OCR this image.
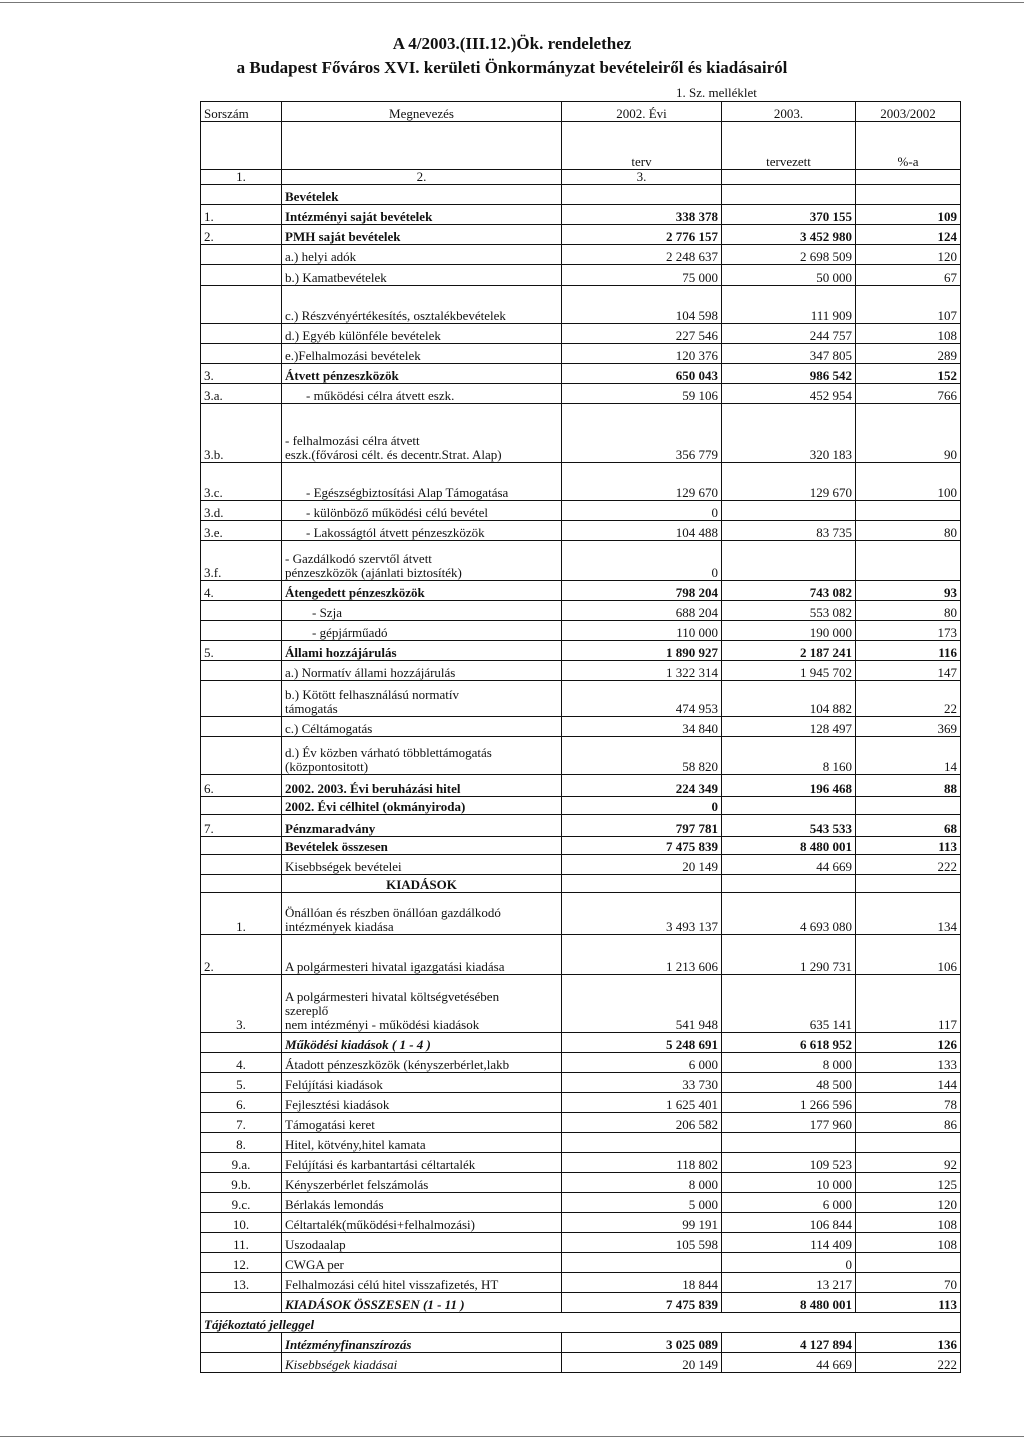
A 4/2003.(III.12.)Ök. rendelethez
a Budapest Főváros XVI. kerületi Önkormányzat bevételeiről és kiadásairól
1. Sz. melléklet
Sorszám	Megnevezés	2002. Évi	2003.	2003/2002
		terv	tervezett	%-a
1.	2.	3.		
	Bevételek			
1.	Intézményi saját bevételek	338 378	370 155	109
2.	PMH saját bevételek	2 776 157	3 452 980	124
	a.) helyi adók	2 248 637	2 698 509	120
	b.) Kamatbevételek	75 000	50 000	67
	c.) Részvényértékesítés, osztalékbevételek	104 598	111 909	107
	d.) Egyéb különféle bevételek	227 546	244 757	108
	e.)Felhalmozási bevételek	120 376	347 805	289
3.	Átvett pénzeszközök	650 043	986 542	152
3.a.	- működési célra átvett eszk.	59 106	452 954	766
3.b.	- felhalmozási célra átvett
eszk.(fővárosi célt. és decentr.Strat. Alap)	356 779	320 183	90
3.c.	- Egészségbiztosítási Alap Támogatása	129 670	129 670	100
3.d.	- különböző működési célú bevétel	0		
3.e.	- Lakosságtól átvett pénzeszközök	104 488	83 735	80
3.f.	- Gazdálkodó szervtől átvett
pénzeszközök (ajánlati biztosíték)	0		
4.	Átengedett pénzeszközök	798 204	743 082	93
	- Szja	688 204	553 082	80
	- gépjárműadó	110 000	190 000	173
5.	Állami hozzájárulás	1 890 927	2 187 241	116
	a.) Normatív állami hozzájárulás	1 322 314	1 945 702	147
	b.) Kötött felhasználású normatív
támogatás	474 953	104 882	22
	c.) Céltámogatás	34 840	128 497	369
	d.) Év közben várható többlettámogatás
(központositott)	58 820	8 160	14
6.	2002. 2003. Évi beruházási hitel	224 349	196 468	88
	2002. Évi célhitel (okmányiroda)	0		
7.	Pénzmaradvány	797 781	543 533	68
	Bevételek összesen	7 475 839	8 480 001	113
	Kisebbségek bevételei	20 149	44 669	222
	KIADÁSOK			
1.	Önállóan és részben önállóan gazdálkodó
intézmények kiadása	3 493 137	4 693 080	134
2.	A polgármesteri hivatal igazgatási kiadása	1 213 606	1 290 731	106
3.	A polgármesteri hivatal költségvetésében
szereplő
nem intézményi - működési kiadások	541 948	635 141	117
	Működési kiadások ( 1 - 4 )	5 248 691	6 618 952	126
4.	Átadott pénzeszközök (kényszerbérlet,lakb	6 000	8 000	133
5.	Felújítási kiadások	33 730	48 500	144
6.	Fejlesztési kiadások	1 625 401	1 266 596	78
7.	Támogatási keret	206 582	177 960	86
8.	Hitel, kötvény,hitel kamata			
9.a.	Felújítási és karbantartási céltartalék	118 802	109 523	92
9.b.	Kényszerbérlet felszámolás	8 000	10 000	125
9.c.	Bérlakás lemondás	5 000	6 000	120
10.	Céltartalék(működési+felhalmozási)	99 191	106 844	108
11.	Uszodaalap	105 598	114 409	108
12.	CWGA per		0	
13.	Felhalmozási célú hitel visszafizetés, HT	18 844	13 217	70
	KIADÁSOK ÖSSZESEN (1 - 11 )	7 475 839	8 480 001	113
Tájékoztató jelleggel				
	Intézményfinanszírozás	3 025 089	4 127 894	136
	Kisebbségek kiadásai	20 149	44 669	222
